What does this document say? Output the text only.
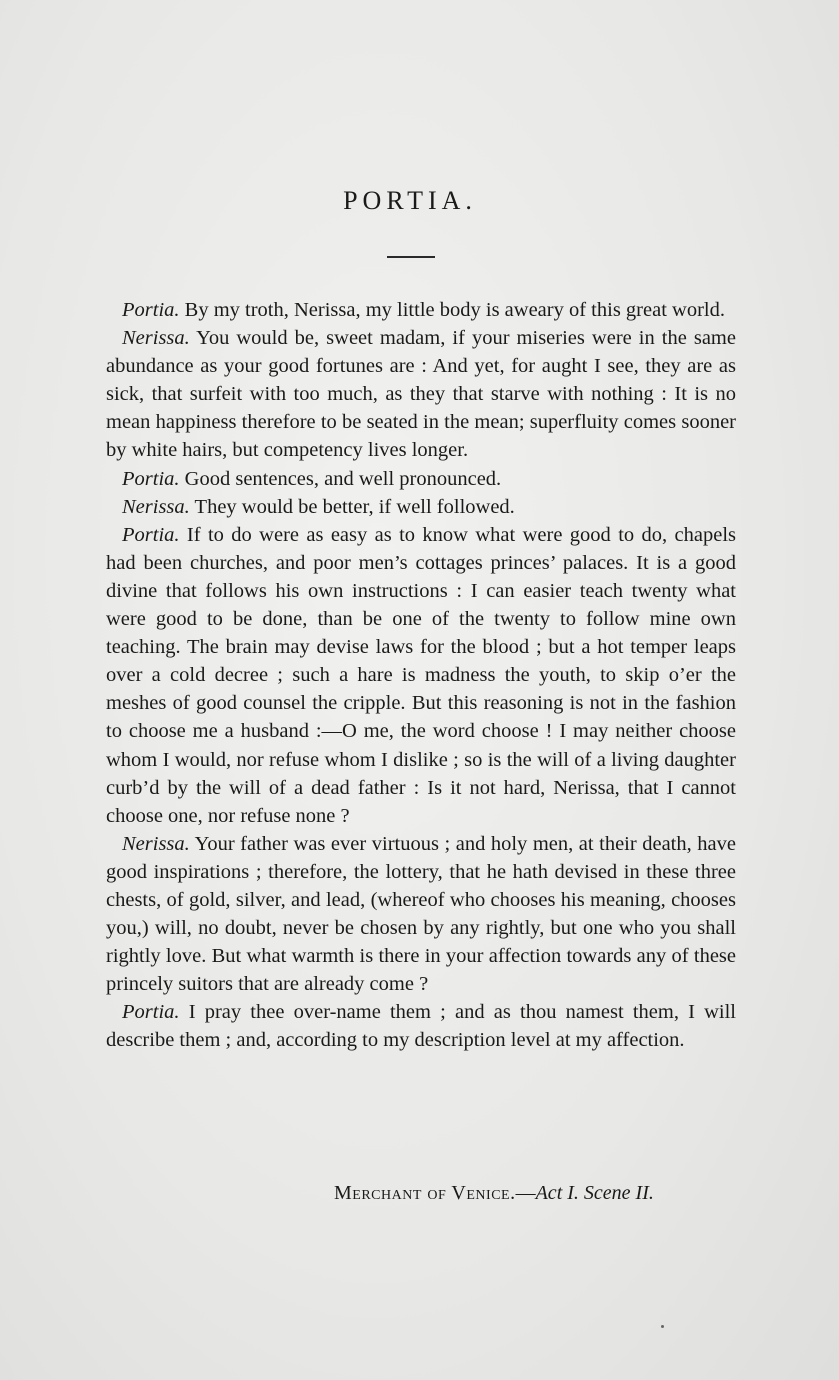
PORTIA.

Portia. By my troth, Nerissa, my little body is aweary of this great world.

Nerissa. You would be, sweet madam, if your miseries were in the same abundance as your good fortunes are : And yet, for aught I see, they are as sick, that surfeit with too much, as they that starve with nothing : It is no mean happiness therefore to be seated in the mean; superfluity comes sooner by white hairs, but competency lives longer.

Portia. Good sentences, and well pronounced.

Nerissa. They would be better, if well followed.

Portia. If to do were as easy as to know what were good to do, chapels had been churches, and poor men’s cottages princes’ palaces. It is a good divine that follows his own instructions : I can easier teach twenty what were good to be done, than be one of the twenty to follow mine own teaching. The brain may devise laws for the blood ; but a hot temper leaps over a cold decree ; such a hare is madness the youth, to skip o’er the meshes of good counsel the cripple. But this reasoning is not in the fashion to choose me a husband :—O me, the word choose ! I may neither choose whom I would, nor refuse whom I dislike ; so is the will of a living daughter curb’d by the will of a dead father : Is it not hard, Nerissa, that I cannot choose one, nor refuse none ?

Nerissa. Your father was ever virtuous ; and holy men, at their death, have good inspirations ; therefore, the lottery, that he hath devised in these three chests, of gold, silver, and lead, (whereof who chooses his meaning, chooses you,) will, no doubt, never be chosen by any rightly, but one who you shall rightly love. But what warmth is there in your affection towards any of these princely suitors that are already come ?

Portia. I pray thee over-name them ; and as thou namest them, I will describe them ; and, according to my description level at my affection.

Merchant of Venice.—Act I. Scene II.
